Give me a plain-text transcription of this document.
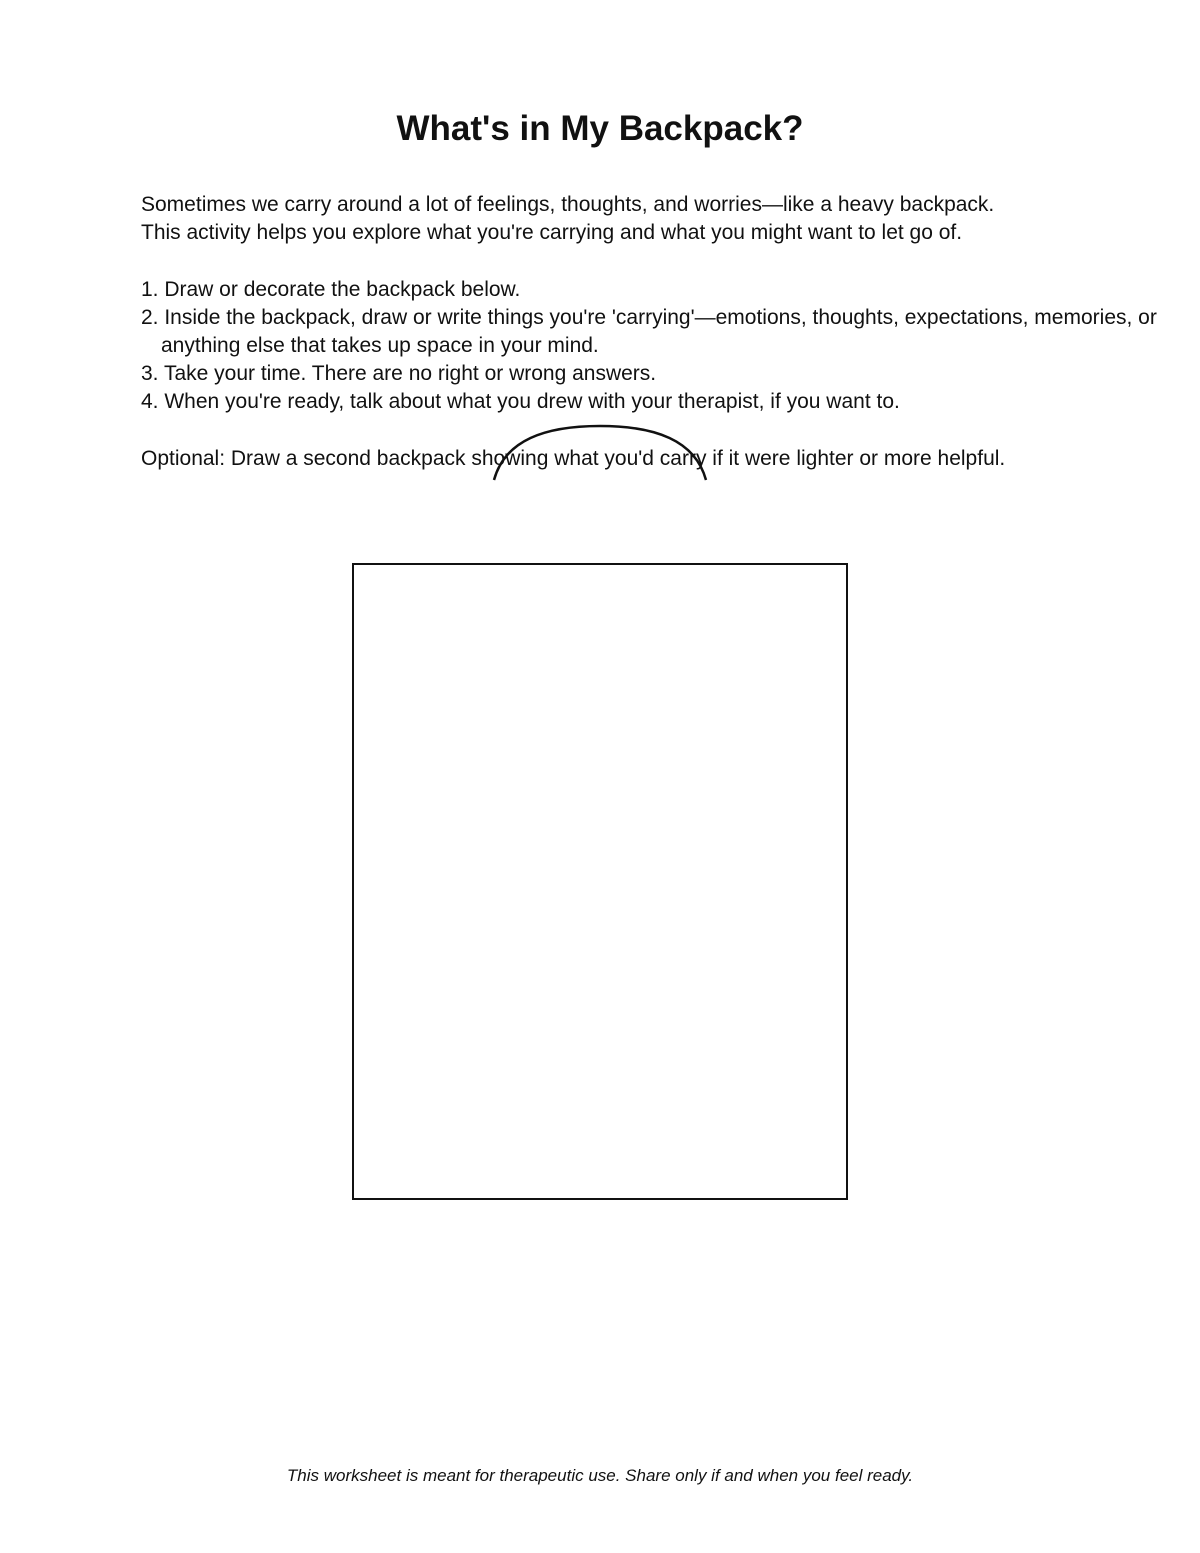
What's in My Backpack?

Sometimes we carry around a lot of feelings, thoughts, and worries—like a heavy backpack.
This activity helps you explore what you're carrying and what you might want to let go of.

1. Draw or decorate the backpack below.
2. Inside the backpack, draw or write things you're 'carrying'—emotions, thoughts, expectations, memories, or anything else that takes up space in your mind.
3. Take your time. There are no right or wrong answers.
4. When you're ready, talk about what you drew with your therapist, if you want to.

Optional: Draw a second backpack showing what you'd carry if it were lighter or more helpful.

This worksheet is meant for therapeutic use. Share only if and when you feel ready.
